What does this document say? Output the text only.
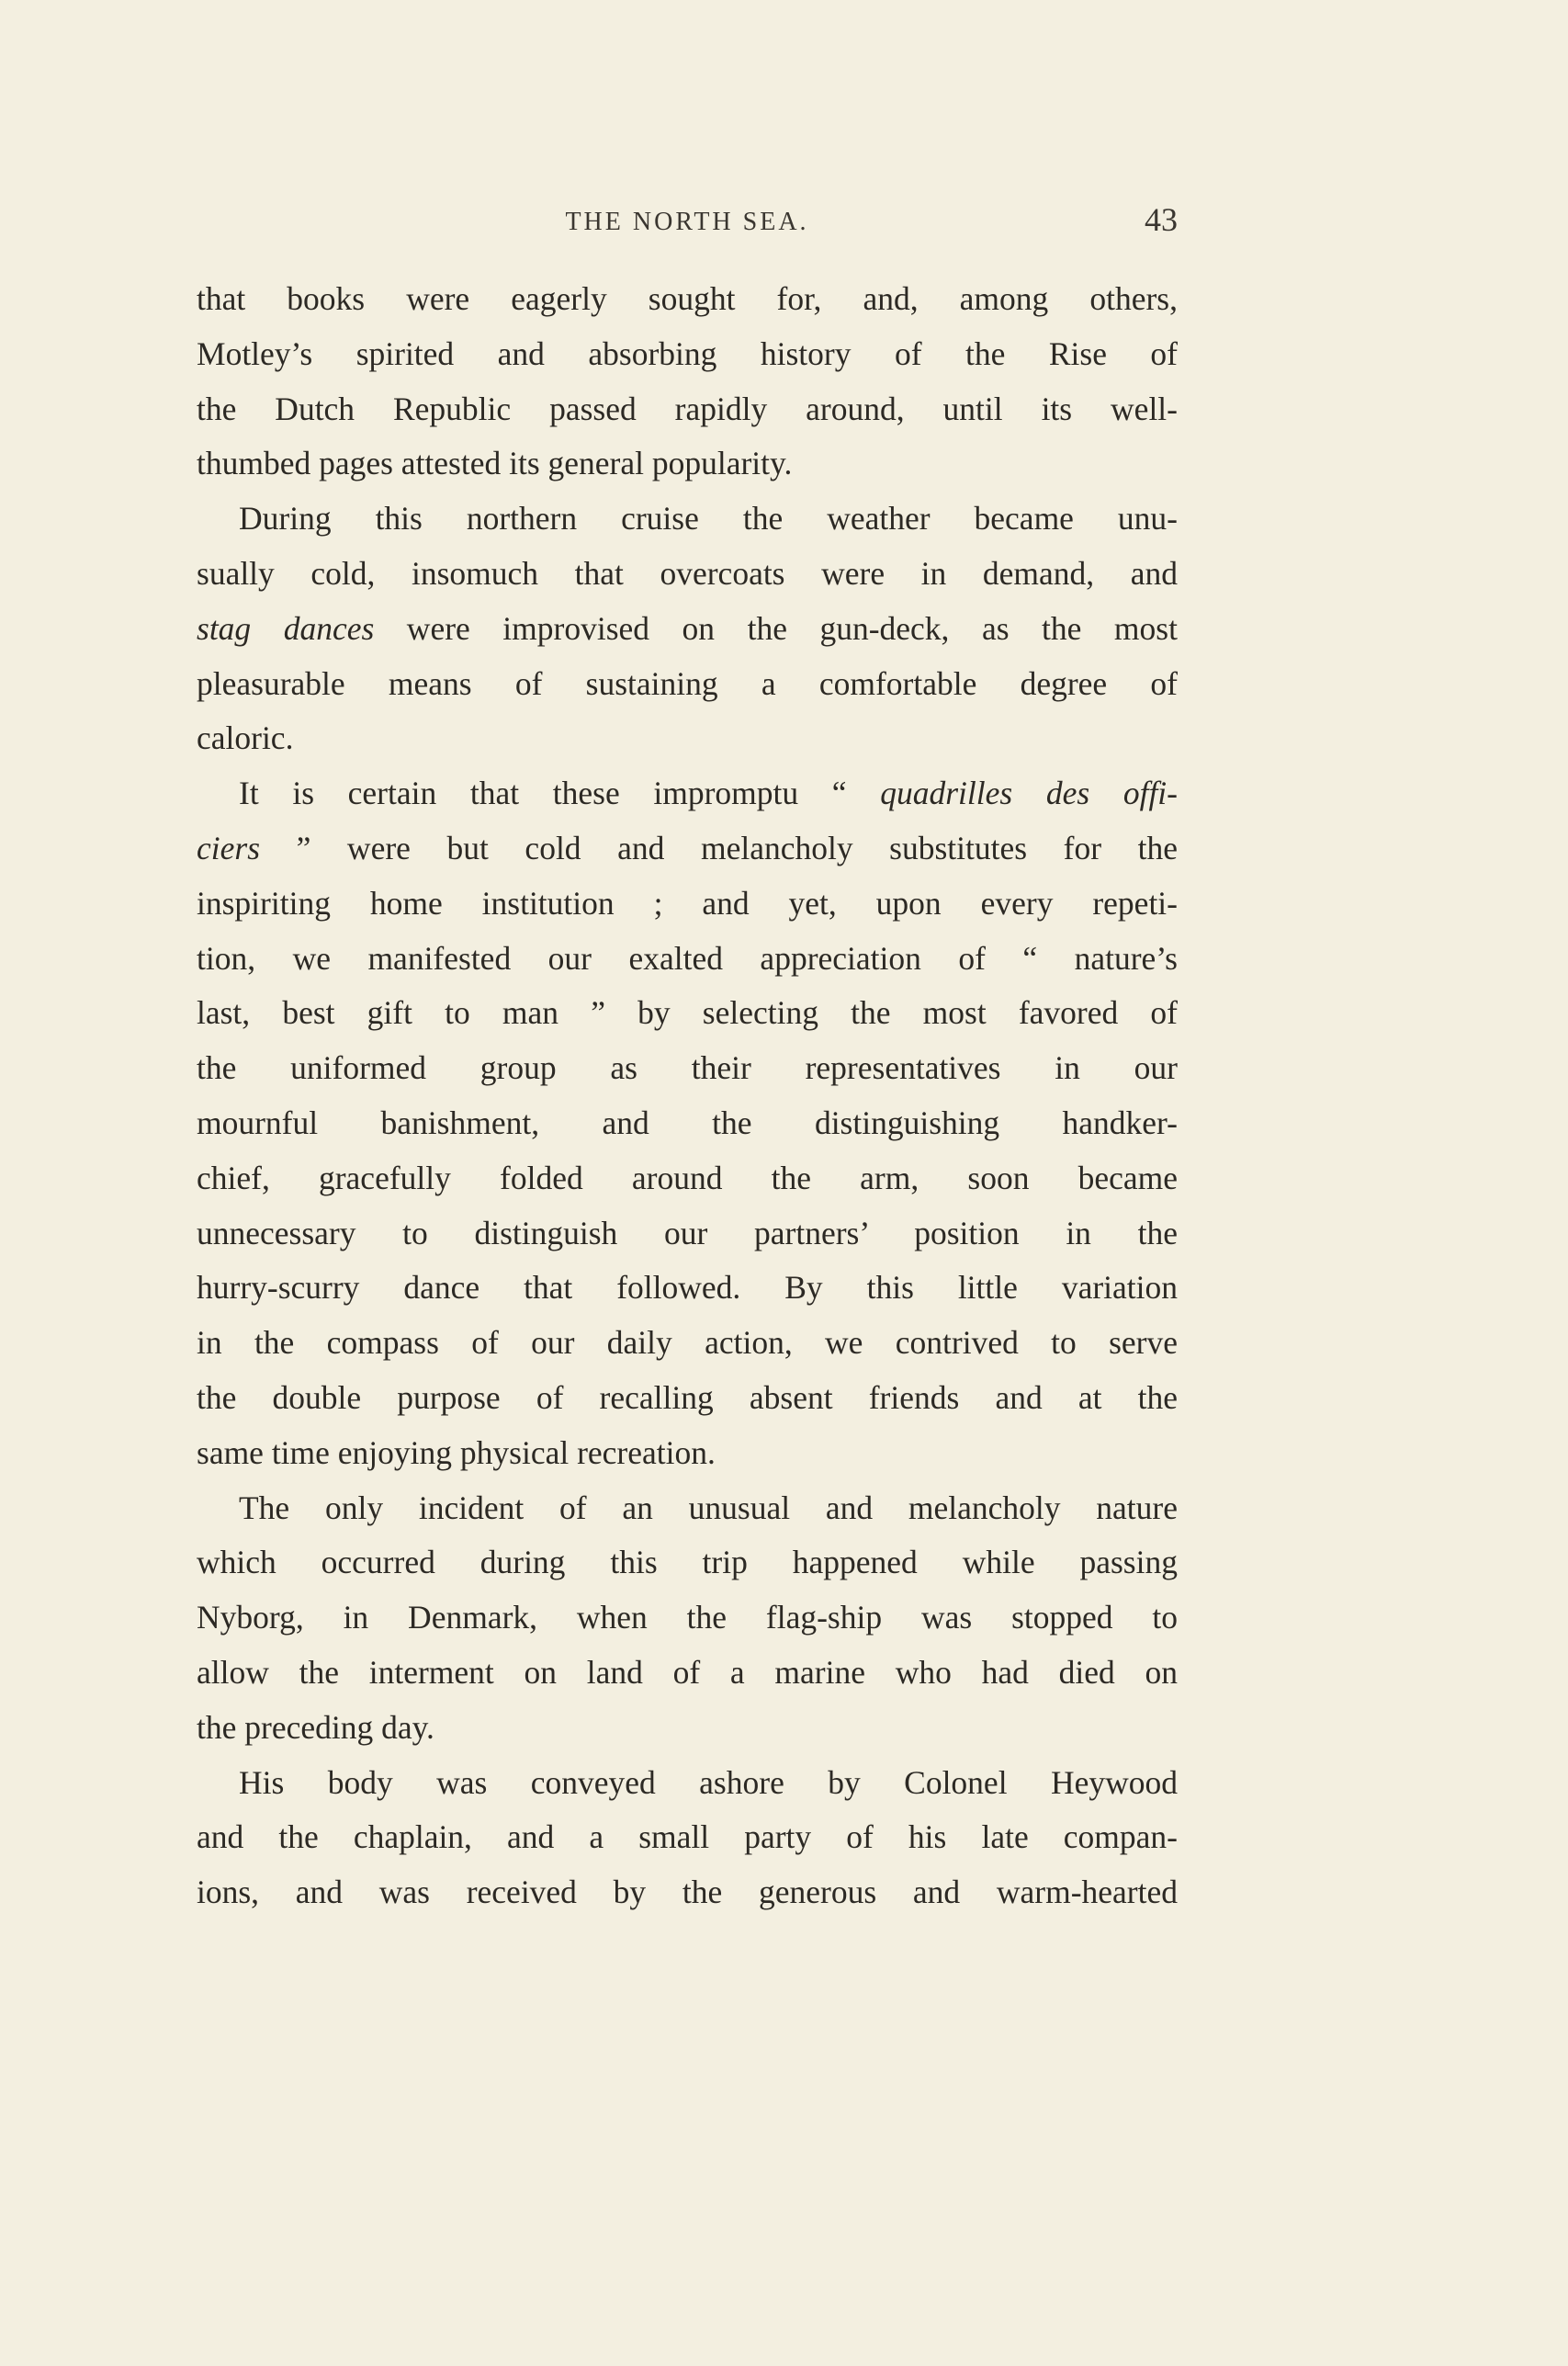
THE NORTH SEA.	43
that books were eagerly sought for, and, among others,
Motley’s spirited and absorbing history of the Rise of
the Dutch Republic passed rapidly around, until its well-
thumbed pages attested its general popularity.
During this northern cruise the weather became unu-
sually cold, insomuch that overcoats were in demand, and
stag dances were improvised on the gun-deck, as the most
pleasurable means of sustaining a comfortable degree of
caloric.
It is certain that these impromptu “ quadrilles des offi-
ciers ” were but cold and melancholy substitutes for the
inspiriting home institution ; and yet, upon every repeti-
tion, we manifested our exalted appreciation of “ nature’s
last, best gift to man ” by selecting the most favored of
the uniformed group as their representatives in our
mournful banishment, and the distinguishing handker-
chief, gracefully folded around the arm, soon became
unnecessary to distinguish our partners’ position in the
hurry-scurry dance that followed. By this little variation
in the compass of our daily action, we contrived to serve
the double purpose of recalling absent friends and at the
same time enjoying physical recreation.
The only incident of an unusual and melancholy nature
which occurred during this trip happened while passing
Nyborg, in Denmark, when the flag-ship was stopped to
allow the interment on land of a marine who had died on
the preceding day.
His body was conveyed ashore by Colonel Heywood
and the chaplain, and a small party of his late compan-
ions, and was received by the generous and warm-hearted
